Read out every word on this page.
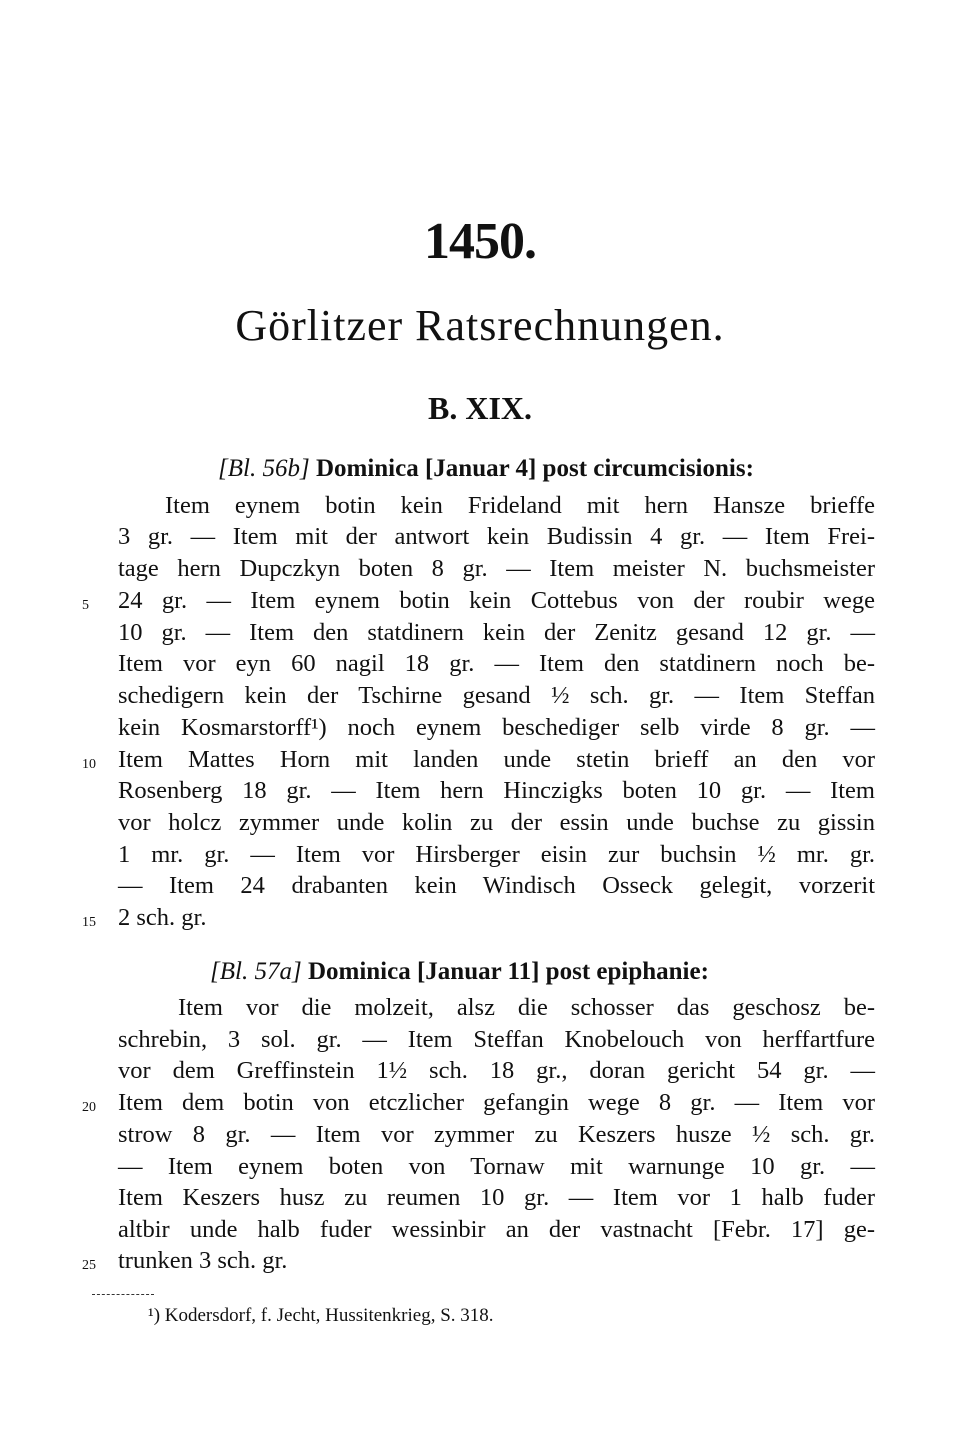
1450.
Görlitzer Ratsrechnungen.
B. XIX.
[Bl. 56b] Dominica [Januar 4] post circumcisionis:
Item eynem botin kein Frideland mit hern Hansze brieffe
3 gr. — Item mit der antwort kein Budissin 4 gr. — Item Frei-
tage hern Dupczkyn boten 8 gr. — Item meister N. buchsmeister
24 gr. — Item eynem botin kein Cottebus von der roubir wege
10 gr. — Item den statdinern kein der Zenitz gesand 12 gr. —
Item vor eyn 60 nagil 18 gr. — Item den statdinern noch be-
schedigern kein der Tschirne gesand ½ sch. gr. — Item Steffan
kein Kosmarstorff¹) noch eynem beschediger selb virde 8 gr. —
Item Mattes Horn mit landen unde stetin brieff an den vor
Rosenberg 18 gr. — Item hern Hinczigks boten 10 gr. — Item
vor holcz zymmer unde kolin zu der essin unde buchse zu gissin
1 mr. gr. — Item vor Hirsberger eisin zur buchsin ½ mr. gr.
— Item 24 drabanten kein Windisch Osseck gelegit, vorzerit
2 sch. gr.
[Bl. 57a] Dominica [Januar 11] post epiphanie:
Item vor die molzeit, alsz die schosser das geschosz be-
schrebin, 3 sol. gr. — Item Steffan Knobelouch von herffartfure
vor dem Greffinstein 1½ sch. 18 gr., doran gericht 54 gr. —
Item dem botin von etczlicher gefangin wege 8 gr. — Item vor
strow 8 gr. — Item vor zymmer zu Keszers husze ½ sch. gr.
— Item eynem boten von Tornaw mit warnunge 10 gr. —
Item Keszers husz zu reumen 10 gr. — Item vor 1 halb fuder
altbir unde halb fuder wessinbir an der vastnacht [Febr. 17] ge-
trunken 3 sch. gr.
5
10
15
20
25
¹) Kodersdorf, f. Jecht, Hussitenkrieg, S. 318.
